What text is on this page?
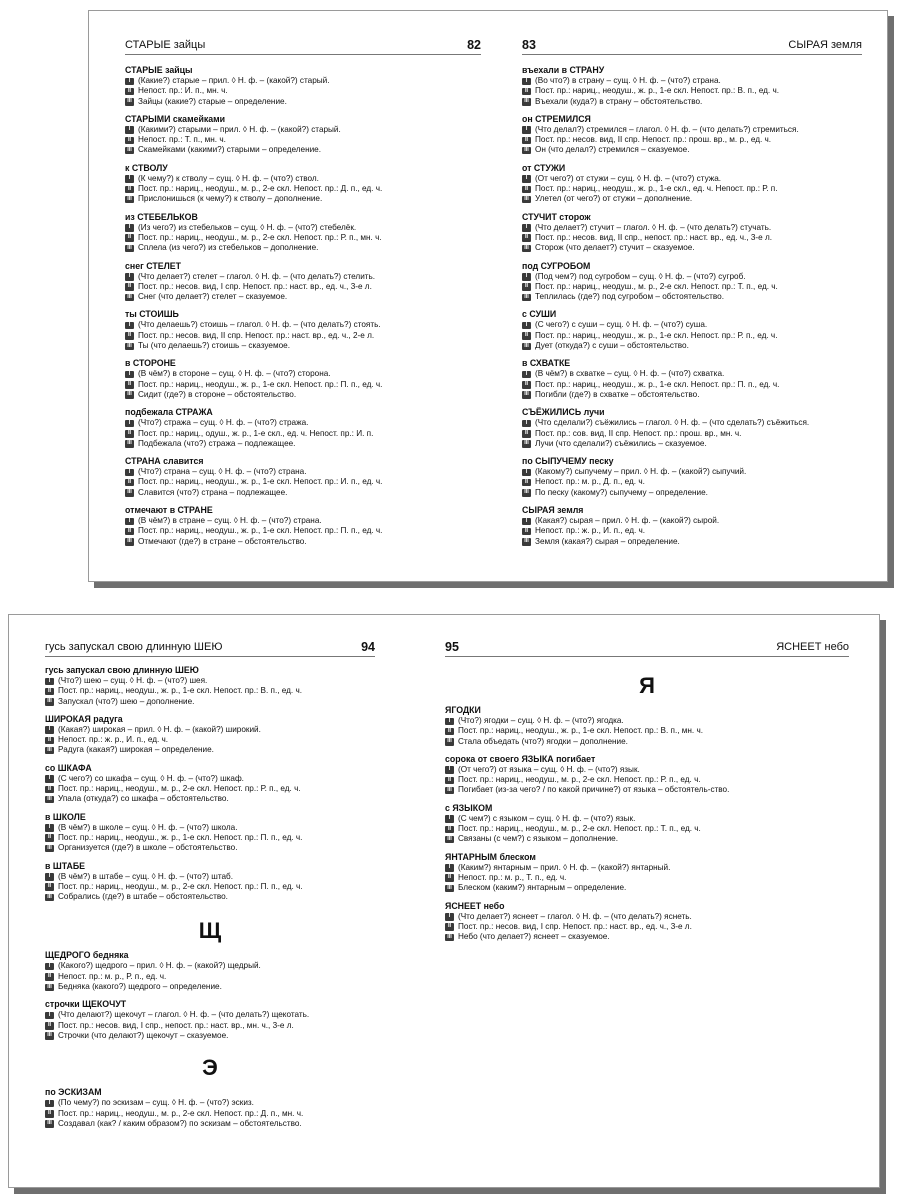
СТАРЫЕ зайцы	82
СТАРЫЕ зайцы
I (Какие?) старые – прил. ◊ Н. ф. – (какой?) старый.
II Непост. пр.: И. п., мн. ч.
III Зайцы (какие?) старые – определение.
СТАРЫМИ скамейками
I (Какими?) старыми – прил. ◊ Н. ф. – (какой?) старый.
II Непост. пр.: Т. п., мн. ч.
III Скамейками (какими?) старыми – определение.
к СТВОЛУ
I (К чему?) к стволу – сущ. ◊ Н. ф. – (что?) ствол.
II Пост. пр.: нариц., неодуш., м. р., 2-е скл. Непост. пр.: Д. п., ед. ч.
III Прислонишься (к чему?) к стволу – дополнение.
из СТЕБЕЛЬКОВ
I (Из чего?) из стебельков – сущ. ◊ Н. ф. – (что?) стебелёк.
II Пост. пр.: нариц., неодуш., м. р., 2-е скл. Непост. пр.: Р. п., мн. ч.
III Сплела (из чего?) из стебельков – дополнение.
снег СТЕЛЕТ
I (Что делает?) стелет – глагол. ◊ Н. ф. – (что делать?) стелить.
II Пост. пр.: несов. вид, I спр. Непост. пр.: наст. вр., ед. ч., 3-е л.
III Снег (что делает?) стелет – сказуемое.
ты СТОИШЬ
I (Что делаешь?) стоишь – глагол. ◊ Н. ф. – (что делать?) стоять.
II Пост. пр.: несов. вид, II спр. Непост. пр.: наст. вр., ед. ч., 2-е л.
III Ты (что делаешь?) стоишь – сказуемое.
в СТОРОНЕ
I (В чём?) в стороне – сущ. ◊ Н. ф. – (что?) сторона.
II Пост. пр.: нариц., неодуш., ж. р., 1-е скл. Непост. пр.: П. п., ед. ч.
III Сидит (где?) в стороне – обстоятельство.
подбежала СТРАЖА
I (Что?) стража – сущ. ◊ Н. ф. – (что?) стража.
II Пост. пр.: нариц., одуш., ж. р., 1-е скл., ед. ч. Непост. пр.: И. п.
III Подбежала (что?) стража – подлежащее.
СТРАНА славится
I (Что?) страна – сущ. ◊ Н. ф. – (что?) страна.
II Пост. пр.: нариц., неодуш., ж. р., 1-е скл. Непост. пр.: И. п., ед. ч.
III Славится (что?) страна – подлежащее.
отмечают в СТРАНЕ
I (В чём?) в стране – сущ. ◊ Н. ф. – (что?) страна.
II Пост. пр.: нариц., неодуш., ж. р., 1-е скл. Непост. пр.: П. п., ед. ч.
III Отмечают (где?) в стране – обстоятельство.
83	СЫРАЯ земля
въехали в СТРАНУ
I (Во что?) в страну – сущ. ◊ Н. ф. – (что?) страна.
II Пост. пр.: нариц., неодуш., ж. р., 1-е скл. Непост. пр.: В. п., ед. ч.
III Въехали (куда?) в страну – обстоятельство.
он СТРЕМИЛСЯ
I (Что делал?) стремился – глагол. ◊ Н. ф. – (что делать?) стремиться.
II Пост. пр.: несов. вид, II спр. Непост. пр.: прош. вр., м. р., ед. ч.
III Он (что делал?) стремился – сказуемое.
от СТУЖИ
I (От чего?) от стужи – сущ. ◊ Н. ф. – (что?) стужа.
II Пост. пр.: нариц., неодуш., ж. р., 1-е скл., ед. ч. Непост. пр.: Р. п.
III Улетел (от чего?) от стужи – дополнение.
СТУЧИТ сторож
I (Что делает?) стучит – глагол. ◊ Н. ф. – (что делать?) стучать.
II Пост. пр.: несов. вид, II спр., непост. пр.: наст. вр., ед. ч., 3-е л.
III Сторож (что делает?) стучит – сказуемое.
под СУГРОБОМ
I (Под чем?) под сугробом – сущ. ◊ Н. ф. – (что?) сугроб.
II Пост. пр.: нариц., неодуш., м. р., 2-е скл. Непост. пр.: Т. п., ед. ч.
III Теплилась (где?) под сугробом – обстоятельство.
с СУШИ
I (С чего?) с суши – сущ. ◊ Н. ф. – (что?) суша.
II Пост. пр.: нариц., неодуш., ж. р., 1-е скл. Непост. пр.: Р. п., ед. ч.
III Дует (откуда?) с суши – обстоятельство.
в СХВАТКЕ
I (В чём?) в схватке – сущ. ◊ Н. ф. – (что?) схватка.
II Пост. пр.: нариц., неодуш., ж. р., 1-е скл. Непост. пр.: П. п., ед. ч.
III Погибли (где?) в схватке – обстоятельство.
СЪЁЖИЛИСЬ лучи
I (Что сделали?) съёжились – глагол. ◊ Н. ф. – (что сделать?) съёжиться.
II Пост. пр.: сов. вид, II спр. Непост. пр.: прош. вр., мн. ч.
III Лучи (что сделали?) съёжились – сказуемое.
по СЫПУЧЕМУ песку
I (Какому?) сыпучему – прил. ◊ Н. ф. – (какой?) сыпучий.
II Непост. пр.: м. р., Д. п., ед. ч.
III По песку (какому?) сыпучему – определение.
СЫРАЯ земля
I (Какая?) сырая – прил. ◊ Н. ф. – (какой?) сырой.
II Непост. пр.: ж. р., И. п., ед. ч.
III Земля (какая?) сырая – определение.
гусь запускал свою длинную ШЕЮ	94
гусь запускал свою длинную ШЕЮ
I (Что?) шею – сущ. ◊ Н. ф. – (что?) шея.
II Пост. пр.: нариц., неодуш., ж. р., 1-е скл. Непост. пр.: В. п., ед. ч.
III Запускал (что?) шею – дополнение.
ШИРОКАЯ радуга
I (Какая?) широкая – прил. ◊ Н. ф. – (какой?) широкий.
II Непост. пр.: ж. р., И. п., ед. ч.
III Радуга (какая?) широкая – определение.
со ШКАФА
I (С чего?) со шкафа – сущ. ◊ Н. ф. – (что?) шкаф.
II Пост. пр.: нариц., неодуш., м. р., 2-е скл. Непост. пр.: Р. п., ед. ч.
III Упала (откуда?) со шкафа – обстоятельство.
в ШКОЛЕ
I (В чём?) в школе – сущ. ◊ Н. ф. – (что?) школа.
II Пост. пр.: нариц., неодуш., ж. р., 1-е скл. Непост. пр.: П. п., ед. ч.
III Организуется (где?) в школе – обстоятельство.
в ШТАБЕ
I (В чём?) в штабе – сущ. ◊ Н. ф. – (что?) штаб.
II Пост. пр.: нариц., неодуш., м. р., 2-е скл. Непост. пр.: П. п., ед. ч.
III Собрались (где?) в штабе – обстоятельство.
Щ
ЩЕДРОГО бедняка
I (Какого?) щедрого – прил. ◊ Н. ф. – (какой?) щедрый.
II Непост. пр.: м. р., Р. п., ед. ч.
III Бедняка (какого?) щедрого – определение.
строчки ЩЕКОЧУТ
I (Что делают?) щекочут – глагол. ◊ Н. ф. – (что делать?) щекотать.
II Пост. пр.: несов. вид, I спр., непост. пр.: наст. вр., мн. ч., 3-е л.
III Строчки (что делают?) щекочут – сказуемое.
Э
по ЭСКИЗАМ
I (По чему?) по эскизам – сущ. ◊ Н. ф. – (что?) эскиз.
II Пост. пр.: нариц., неодуш., м. р., 2-е скл. Непост. пр.: Д. п., мн. ч.
III Создавал (как? / каким образом?) по эскизам – обстоятельство.
95	ЯСНЕЕТ небо
Я
ЯГОДКИ
I (Что?) ягодки – сущ. ◊ Н. ф. – (что?) ягодка.
II Пост. пр.: нариц., неодуш., ж. р., 1-е скл. Непост. пр.: В. п., мн. ч.
III Стала объедать (что?) ягодки – дополнение.
сорока от своего ЯЗЫКА погибает
I (От чего?) от языка – сущ. ◊ Н. ф. – (что?) язык.
II Пост. пр.: нариц., неодуш., м. р., 2-е скл. Непост. пр.: Р. п., ед. ч.
III Погибает (из-за чего? / по какой причине?) от языка – обстоятель-ство.
с ЯЗЫКОМ
I (С чем?) с языком – сущ. ◊ Н. ф. – (что?) язык.
II Пост. пр.: нариц., неодуш., м. р., 2-е скл. Непост. пр.: Т. п., ед. ч.
III Связаны (с чем?) с языком – дополнение.
ЯНТАРНЫМ блеском
I (Каким?) янтарным – прил. ◊ Н. ф. – (какой?) янтарный.
II Непост. пр.: м. р., Т. п., ед. ч.
III Блеском (каким?) янтарным – определение.
ЯСНЕЕТ небо
I (Что делает?) яснеет – глагол. ◊ Н. ф. – (что делать?) яснеть.
II Пост. пр.: несов. вид, I спр. Непост. пр.: наст. вр., ед. ч., 3-е л.
III Небо (что делает?) яснеет – сказуемое.
